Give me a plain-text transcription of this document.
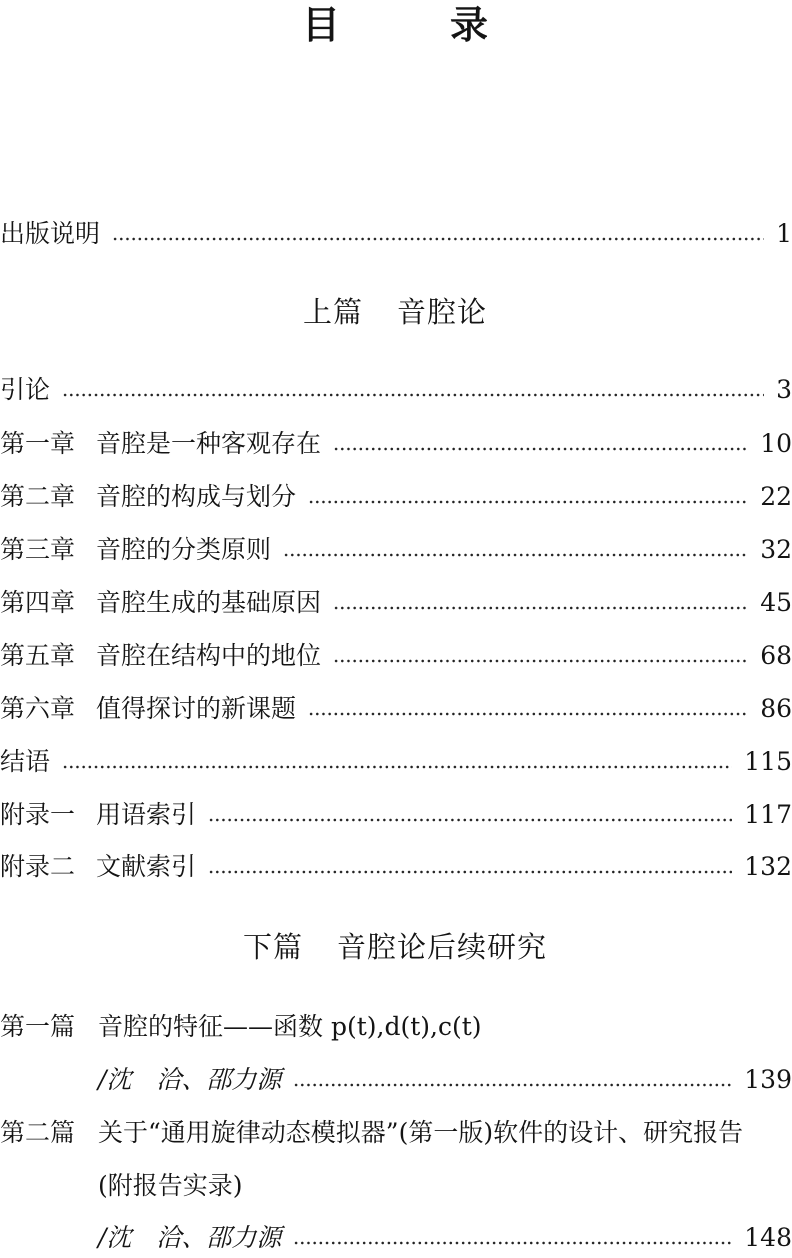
目　录
出版说明	1
上篇 音腔论
引论	3
第一章 音腔是一种客观存在	10
第二章 音腔的构成与划分	22
第三章 音腔的分类原则	32
第四章 音腔生成的基础原因	45
第五章 音腔在结构中的地位	68
第六章 值得探讨的新课题	86
结语	115
附录一 用语索引	117
附录二 文献索引	132
下篇 音腔论后续研究
第一篇 音腔的特征——函数 p(t),d(t),c(t)
/沈　洽、邵力源	139
第二篇 关于“通用旋律动态模拟器”(第一版)软件的设计、研究报告
(附报告实录)
/沈　洽、邵力源	148
